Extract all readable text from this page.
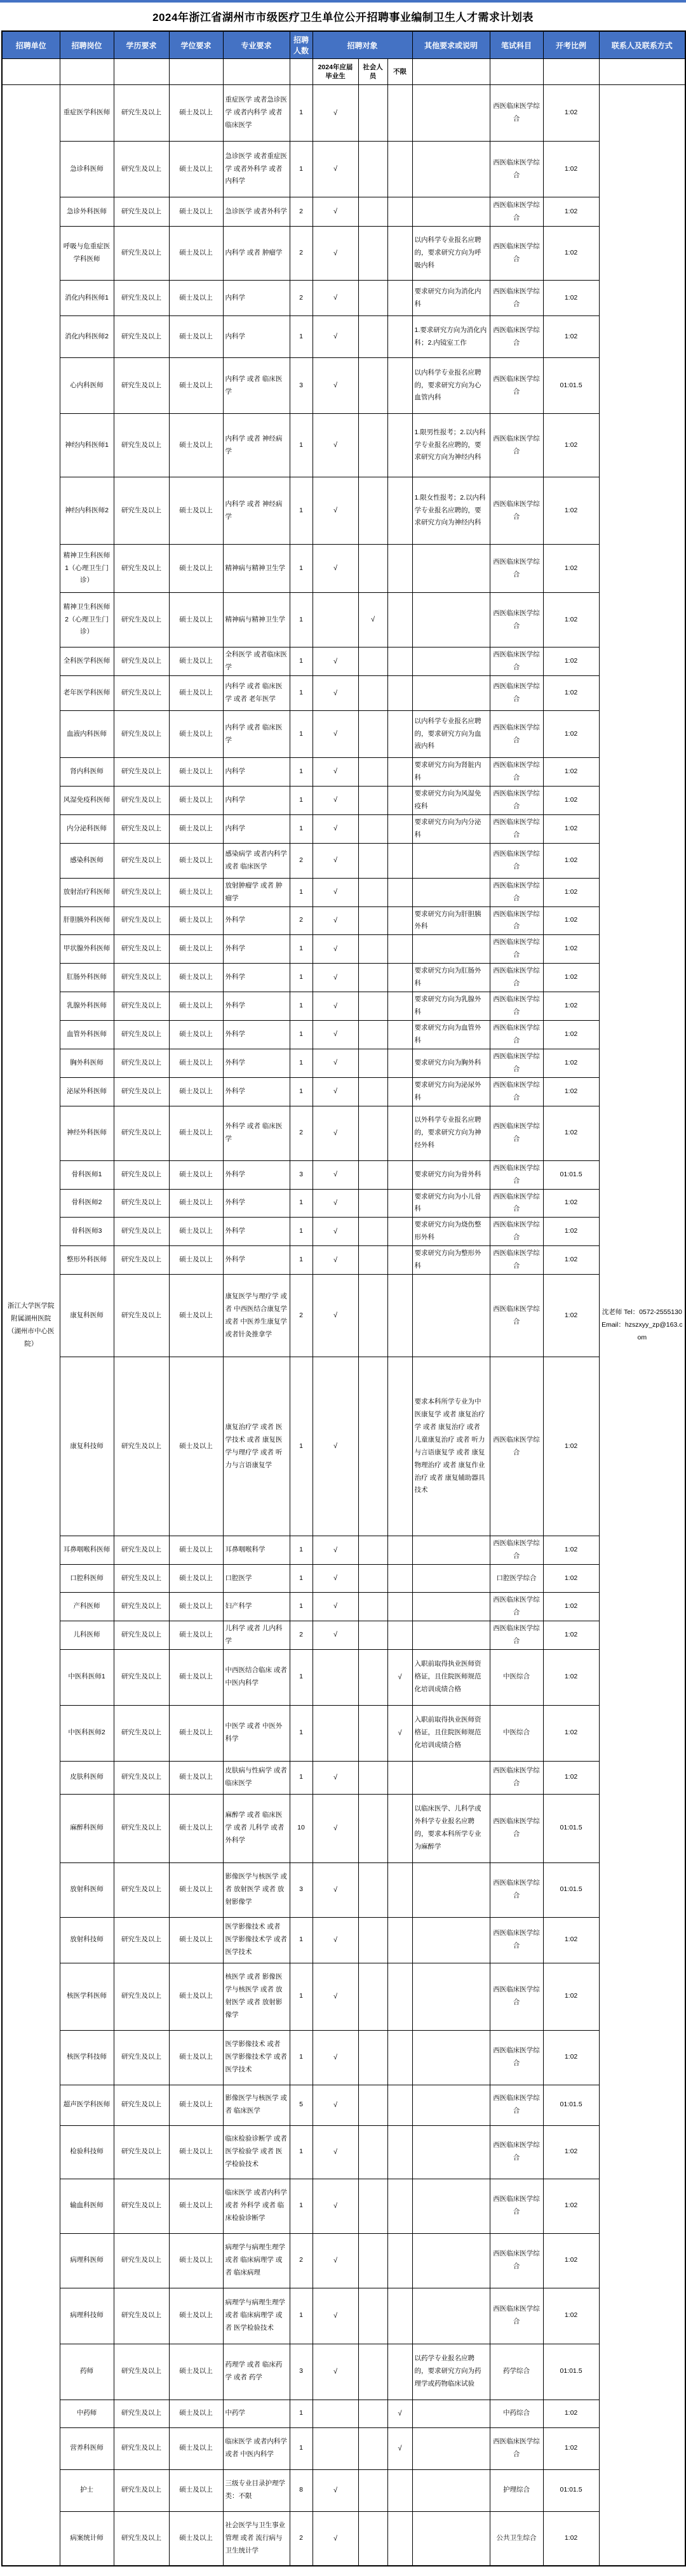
2024年浙江省湖州市市级医疗卫生单位公开招聘事业编制卫生人才需求计划表
招聘单位	招聘岗位	学历要求	学位要求	专业要求	招聘人数	招聘对象			其他要求或说明	笔试科目	开考比例	联系人及联系方式
						2024年应届毕业生	社会人员	不限				
浙江大学医学院附属湖州医院（湖州市中心医院）	重症医学科医师	研究生及以上	硕士及以上	重症医学 或者急诊医学 或者内科学 或者 临床医学	1	√				西医临床医学综合	1:02	沈老师 Tel：0572-2555130 Email：hzszxyy_zp@163.com
	急诊科医师	研究生及以上	硕士及以上	急诊医学 或者重症医学 或者外科学 或者 内科学	1	√				西医临床医学综合	1:02	
	急诊外科医师	研究生及以上	硕士及以上	急诊医学 或者外科学	2	√				西医临床医学综合	1:02	
	呼吸与危重症医学科医师	研究生及以上	硕士及以上	内科学 或者 肿瘤学	2	√			以内科学专业报名应聘的，要求研究方向为呼吸内科	西医临床医学综合	1:02	
	消化内科医师1	研究生及以上	硕士及以上	内科学	2	√			要求研究方向为消化内科	西医临床医学综合	1:02	
	消化内科医师2	研究生及以上	硕士及以上	内科学	1	√			1.要求研究方向为消化内科；2.内镜室工作	西医临床医学综合	1:02	
	心内科医师	研究生及以上	硕士及以上	内科学 或者 临床医学	3	√			以内科学专业报名应聘的，要求研究方向为心血管内科	西医临床医学综合	01:01.5	
	神经内科医师1	研究生及以上	硕士及以上	内科学 或者 神经病学	1	√			1.限男性报考；2.以内科学专业报名应聘的，要求研究方向为神经内科	西医临床医学综合	1:02	
	神经内科医师2	研究生及以上	硕士及以上	内科学 或者 神经病学	1	√			1.限女性报考；2.以内科学专业报名应聘的，要求研究方向为神经内科	西医临床医学综合	1:02	
	精神卫生科医师1（心理卫生门诊）	研究生及以上	硕士及以上	精神病与精神卫生学	1	√				西医临床医学综合	1:02	
	精神卫生科医师2（心理卫生门诊）	研究生及以上	硕士及以上	精神病与精神卫生学	1		√			西医临床医学综合	1:02	
	全科医学科医师	研究生及以上	硕士及以上	全科医学 或者临床医学	1	√				西医临床医学综合	1:02	
	老年医学科医师	研究生及以上	硕士及以上	内科学 或者 临床医学 或者 老年医学	1	√				西医临床医学综合	1:02	
	血液内科医师	研究生及以上	硕士及以上	内科学 或者 临床医学	1	√			以内科学专业报名应聘的，要求研究方向为血液内科	西医临床医学综合	1:02	
	肾内科医师	研究生及以上	硕士及以上	内科学	1	√			要求研究方向为肾脏内科	西医临床医学综合	1:02	
	风湿免疫科医师	研究生及以上	硕士及以上	内科学	1	√			要求研究方向为风湿免疫科	西医临床医学综合	1:02	
	内分泌科医师	研究生及以上	硕士及以上	内科学	1	√			要求研究方向为内分泌科	西医临床医学综合	1:02	
	感染科医师	研究生及以上	硕士及以上	感染病学 或者内科学 或者 临床医学	2	√				西医临床医学综合	1:02	
	放射治疗科医师	研究生及以上	硕士及以上	放射肿瘤学 或者 肿瘤学	1	√				西医临床医学综合	1:02	
	肝胆胰外科医师	研究生及以上	硕士及以上	外科学	2	√			要求研究方向为肝胆胰外科	西医临床医学综合	1:02	
	甲状腺外科医师	研究生及以上	硕士及以上	外科学	1	√				西医临床医学综合	1:02	
	肛肠外科医师	研究生及以上	硕士及以上	外科学	1	√			要求研究方向为肛肠外科	西医临床医学综合	1:02	
	乳腺外科医师	研究生及以上	硕士及以上	外科学	1	√			要求研究方向为乳腺外科	西医临床医学综合	1:02	
	血管外科医师	研究生及以上	硕士及以上	外科学	1	√			要求研究方向为血管外科	西医临床医学综合	1:02	
	胸外科医师	研究生及以上	硕士及以上	外科学	1	√			要求研究方向为胸外科	西医临床医学综合	1:02	
	泌尿外科医师	研究生及以上	硕士及以上	外科学	1	√			要求研究方向为泌尿外科	西医临床医学综合	1:02	
	神经外科医师	研究生及以上	硕士及以上	外科学 或者 临床医学	2	√			以外科学专业报名应聘的，要求研究方向为神经外科	西医临床医学综合	1:02	
	骨科医师1	研究生及以上	硕士及以上	外科学	3	√			要求研究方向为骨外科	西医临床医学综合	01:01.5	
	骨科医师2	研究生及以上	硕士及以上	外科学	1	√			要求研究方向为小儿骨科	西医临床医学综合	1:02	
	骨科医师3	研究生及以上	硕士及以上	外科学	1	√			要求研究方向为烧伤整形外科	西医临床医学综合	1:02	
	整形外科医师	研究生及以上	硕士及以上	外科学	1	√			要求研究方向为整形外科	西医临床医学综合	1:02	
	康复科医师	研究生及以上	硕士及以上	康复医学与理疗学 或者 中西医结合康复学 或者 中医养生康复学 或者针灸推拿学	2	√				西医临床医学综合	1:02	
	康复科技师	研究生及以上	硕士及以上	康复治疗学 或者 医学技术 或者 康复医学与理疗学 或者 听力与言语康复学	1	√			要求本科所学专业为中医康复学 或者 康复治疗学 或者 康复治疗 或者 儿童康复治疗 或者 听力与言语康复学 或者 康复物理治疗 或者 康复作业治疗 或者 康复辅助器具技术	西医临床医学综合	1:02	
	耳鼻咽喉科医师	研究生及以上	硕士及以上	耳鼻咽喉科学	1	√				西医临床医学综合	1:02	
	口腔科医师	研究生及以上	硕士及以上	口腔医学	1	√				口腔医学综合	1:02	
	产科医师	研究生及以上	硕士及以上	妇产科学	1	√				西医临床医学综合	1:02	
	儿科医师	研究生及以上	硕士及以上	儿科学 或者 儿内科学	2	√				西医临床医学综合	1:02	
	中医科医师1	研究生及以上	硕士及以上	中西医结合临床 或者 中医内科学	1			√	入职前取得执业医师资格证，且住院医师规范化培训成绩合格	中医综合	1:02	
	中医科医师2	研究生及以上	硕士及以上	中医学 或者 中医外科学	1			√	入职前取得执业医师资格证，且住院医师规范化培训成绩合格	中医综合	1:02	
	皮肤科医师	研究生及以上	硕士及以上	皮肤病与性病学 或者 临床医学	1	√				西医临床医学综合	1:02	
	麻醉科医师	研究生及以上	硕士及以上	麻醉学 或者 临床医学 或者 儿科学 或者 外科学	10	√			以临床医学、儿科学或外科学专业报名应聘的，要求本科所学专业为麻醉学	西医临床医学综合	01:01.5	
	放射科医师	研究生及以上	硕士及以上	影像医学与核医学 或者 放射医学 或者 放射影像学	3	√				西医临床医学综合	01:01.5	
	放射科技师	研究生及以上	硕士及以上	医学影像技术 或者 医学影像技术学 或者 医学技术	1	√				西医临床医学综合	1:02	
	核医学科医师	研究生及以上	硕士及以上	核医学 或者 影像医学与核医学 或者 放射医学 或者 放射影像学	1	√				西医临床医学综合	1:02	
	核医学科技师	研究生及以上	硕士及以上	医学影像技术 或者 医学影像技术学 或者 医学技术	1	√				西医临床医学综合	1:02	
	超声医学科医师	研究生及以上	硕士及以上	影像医学与核医学 或者 临床医学	5	√				西医临床医学综合	01:01.5	
	检验科技师	研究生及以上	硕士及以上	临床检验诊断学 或者 医学检验学 或者 医学检验技术	1	√				西医临床医学综合	1:02	
	输血科医师	研究生及以上	硕士及以上	临床医学 或者内科学 或者 外科学 或者 临床检验诊断学	1	√				西医临床医学综合	1:02	
	病理科医师	研究生及以上	硕士及以上	病理学与病理生理学 或者 临床病理学 或者 临床病理	2	√				西医临床医学综合	1:02	
	病理科技师	研究生及以上	硕士及以上	病理学与病理生理学 或者 临床病理学 或者 医学检验技术	1	√				西医临床医学综合	1:02	
	药师	研究生及以上	硕士及以上	药理学 或者 临床药学 或者 药学	3	√			以药学专业报名应聘的，要求研究方向为药理学或药物临床试验	药学综合	01:01.5	
	中药师	研究生及以上	硕士及以上	中药学	1			√		中药综合	1:02	
	营养科医师	研究生及以上	硕士及以上	临床医学 或者内科学 或者 中医内科学	1			√		西医临床医学综合	1:02	
	护士	研究生及以上	硕士及以上	三级专业目录护理学类：不限	8	√				护理综合	01:01.5	
	病案统计师	研究生及以上	硕士及以上	社会医学与卫生事业管理 或者 流行病与卫生统计学	2	√				公共卫生综合	1:02	
